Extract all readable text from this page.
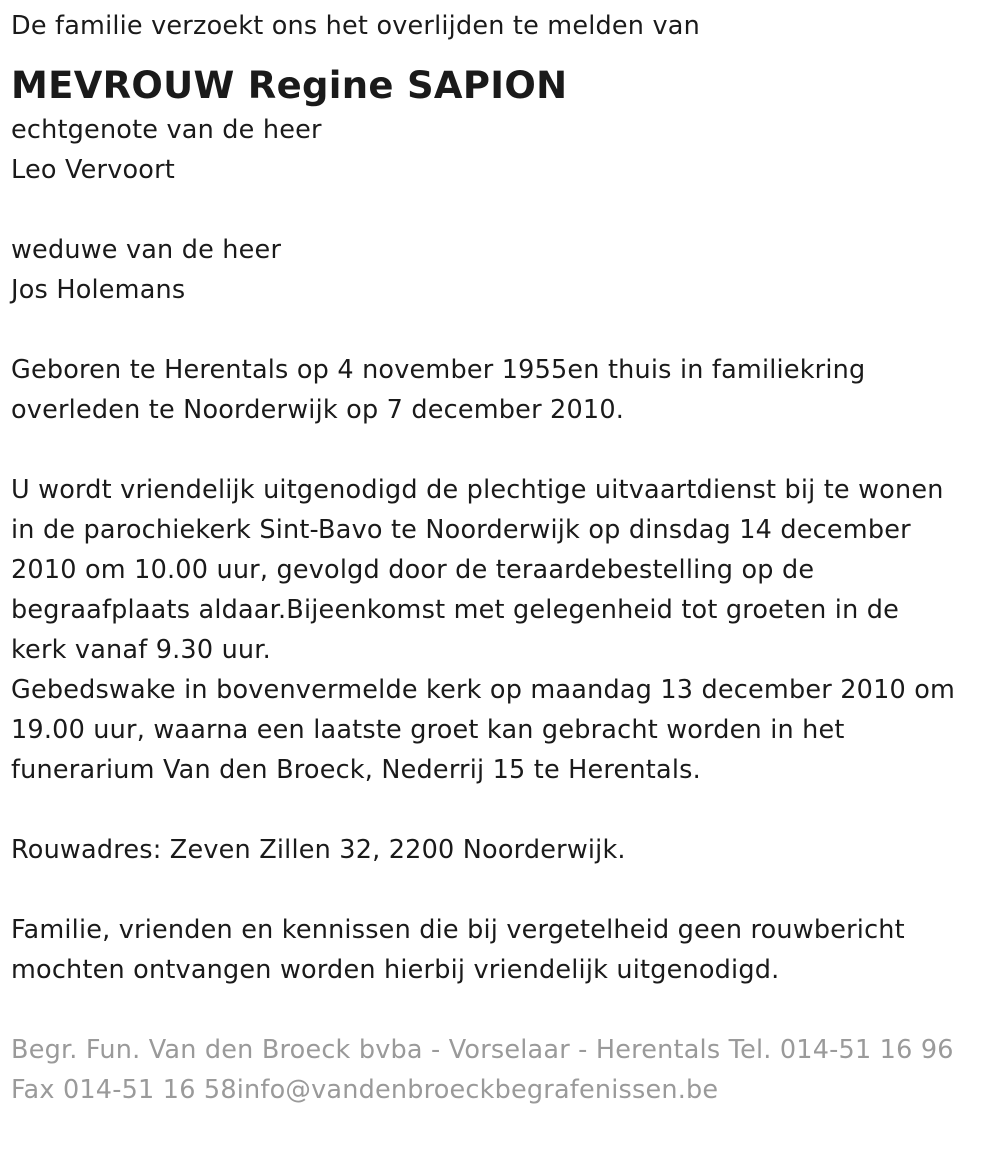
De familie verzoekt ons het overlijden te melden van
MEVROUW Regine SAPION
echtgenote van de heer
Leo Vervoort
weduwe van de heer
Jos Holemans
Geboren te Herentals op 4 november 1955en thuis in familiekring
overleden te Noorderwijk op 7 december 2010.
U wordt vriendelijk uitgenodigd de plechtige uitvaartdienst bij te wonen
in de parochiekerk Sint-Bavo te Noorderwijk op dinsdag 14 december
2010 om 10.00 uur, gevolgd door de teraardebestelling op de
begraafplaats aldaar.Bijeenkomst met gelegenheid tot groeten in de
kerk vanaf 9.30 uur.
Gebedswake in bovenvermelde kerk op maandag 13 december 2010 om
19.00 uur, waarna een laatste groet kan gebracht worden in het
funerarium Van den Broeck, Nederrij 15 te Herentals.
Rouwadres: Zeven Zillen 32, 2200 Noorderwijk.
Familie, vrienden en kennissen die bij vergetelheid geen rouwbericht
mochten ontvangen worden hierbij vriendelijk uitgenodigd.
Begr. Fun. Van den Broeck bvba - Vorselaar - Herentals Tel. 014-51 16 96
Fax 014-51 16 58info@vandenbroeckbegrafenissen.be
